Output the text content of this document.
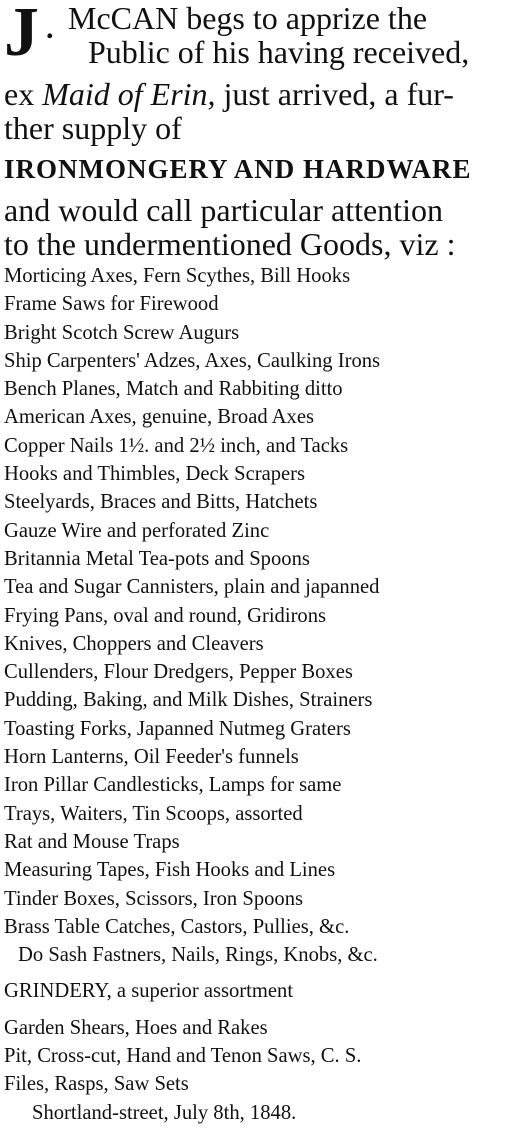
J . McCAN begs to apprize the
Public of his having received,
ex Maid of Erin, just arrived, a fur-
ther supply of
IRONMONGERY AND HARDWARE
and would call particular attention
to the undermentioned Goods, viz :
Morticing Axes, Fern Scythes, Bill Hooks
Frame Saws for Firewood
Bright Scotch Screw Augurs
Ship Carpenters' Adzes, Axes, Caulking Irons
Bench Planes, Match and Rabbiting ditto
American Axes, genuine, Broad Axes
Copper Nails 1½. and 2½ inch, and Tacks
Hooks and Thimbles, Deck Scrapers
Steelyards, Braces and Bitts, Hatchets
Gauze Wire and perforated Zinc
Britannia Metal Tea-pots and Spoons
Tea and Sugar Cannisters, plain and japanned
Frying Pans, oval and round, Gridirons
Knives, Choppers and Cleavers
Cullenders, Flour Dredgers, Pepper Boxes
Pudding, Baking, and Milk Dishes, Strainers
Toasting Forks, Japanned Nutmeg Graters
Horn Lanterns, Oil Feeder's funnels
Iron Pillar Candlesticks, Lamps for same
Trays, Waiters, Tin Scoops, assorted
Rat and Mouse Traps
Measuring Tapes, Fish Hooks and Lines
Tinder Boxes, Scissors, Iron Spoons
Brass Table Catches, Castors, Pullies, &c.
Do Sash Fastners, Nails, Rings, Knobs, &c.
GRINDERY, a superior assortment
Garden Shears, Hoes and Rakes
Pit, Cross-cut, Hand and Tenon Saws, C. S.
Files, Rasps, Saw Sets
Shortland-street, July 8th, 1848.
